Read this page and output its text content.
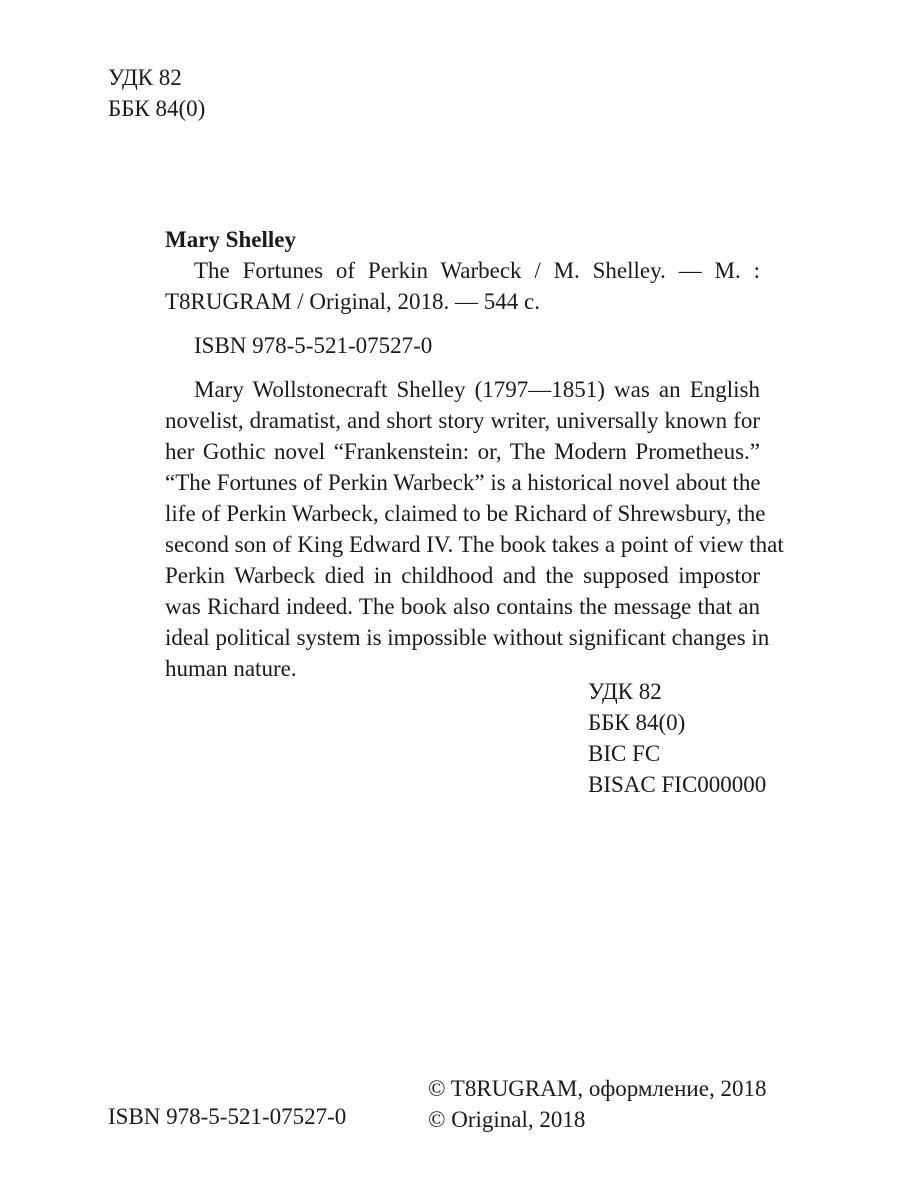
УДК 82
ББК 84(0)
Mary Shelley
The Fortunes of Perkin Warbeck / M. Shelley. — M. :
T8RUGRAM / Original, 2018. — 544 c.
ISBN 978-5-521-07527-0
Mary Wollstonecraft Shelley (1797—1851) was an English
novelist, dramatist, and short story writer, universally known for
her Gothic novel “Frankenstein: or, The Modern Prometheus.”
“The Fortunes of Perkin Warbeck” is a historical novel about the
life of Perkin Warbeck, claimed to be Richard of Shrewsbury, the
second son of King Edward IV. The book takes a point of view that
Perkin Warbeck died in childhood and the supposed impostor
was Richard indeed. The book also contains the message that an
ideal political system is impossible without significant changes in
human nature.
УДК 82
ББК 84(0)
BIC FC
BISAC FIC000000
© T8RUGRAM, оформление, 2018
© Original, 2018
ISBN 978-5-521-07527-0
